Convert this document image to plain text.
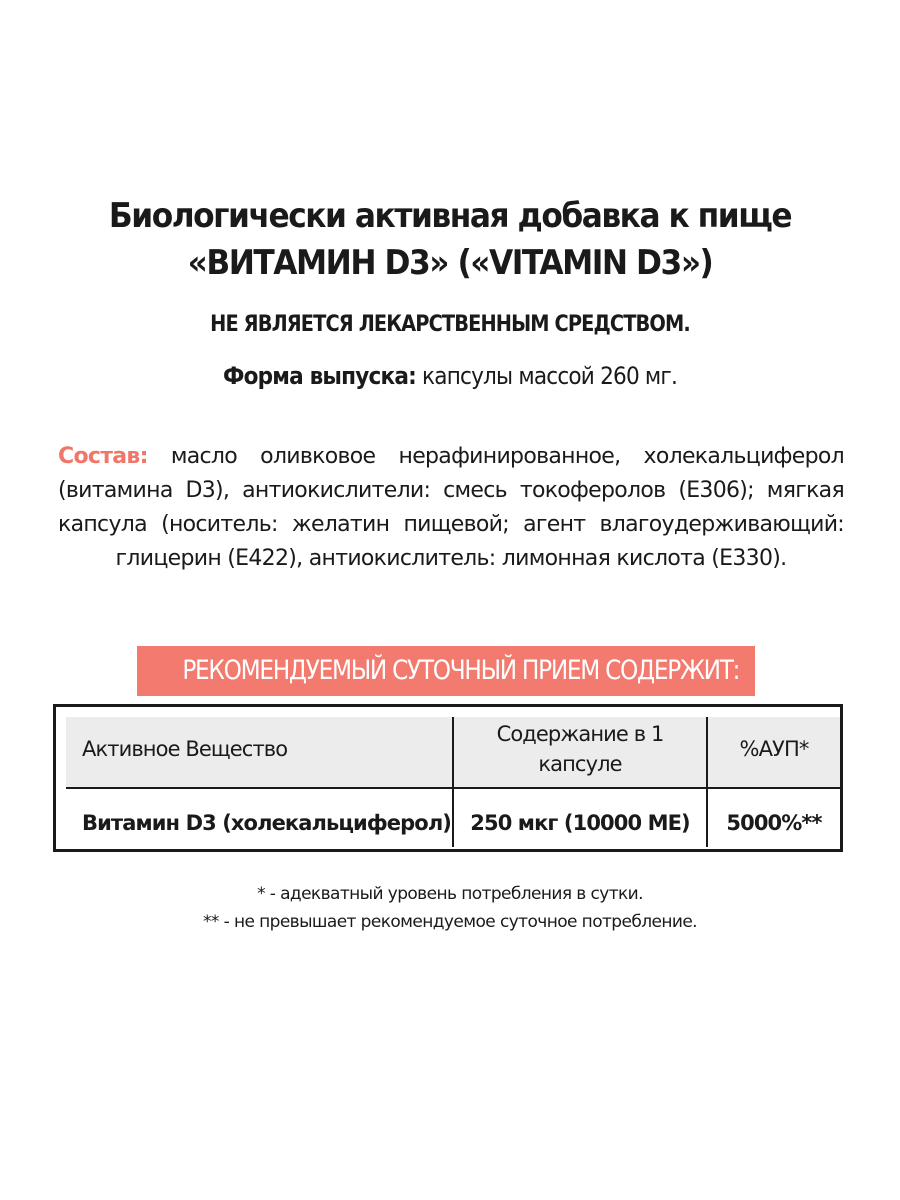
Биологически активная добавка к пище
«ВИТАМИН D3» («VITAMIN D3»)
НЕ ЯВЛЯЕТСЯ ЛЕКАРСТВЕННЫМ СРЕДСТВОМ.
Форма выпуска: капсулы массой 260 мг.
Состав: масло оливковое нерафинированное, холекальциферол (витамина D3), антиокислители: смесь токоферолов (Е306); мягкая капсула (носитель: желатин пищевой; агент влагоудерживающий: глицерин (Е422), антиокислитель: лимонная кислота (Е330).
РЕКОМЕНДУЕМЫЙ СУТОЧНЫЙ ПРИЕМ СОДЕРЖИТ:
Активное Вещество
Содержание в 1 капсуле
%АУП*
Витамин D3 (холекальциферол) 250 мкг (10000 МЕ)	5000%**
* - адекватный уровень потребления в сутки.
** - не превышает рекомендуемое суточное потребление.
